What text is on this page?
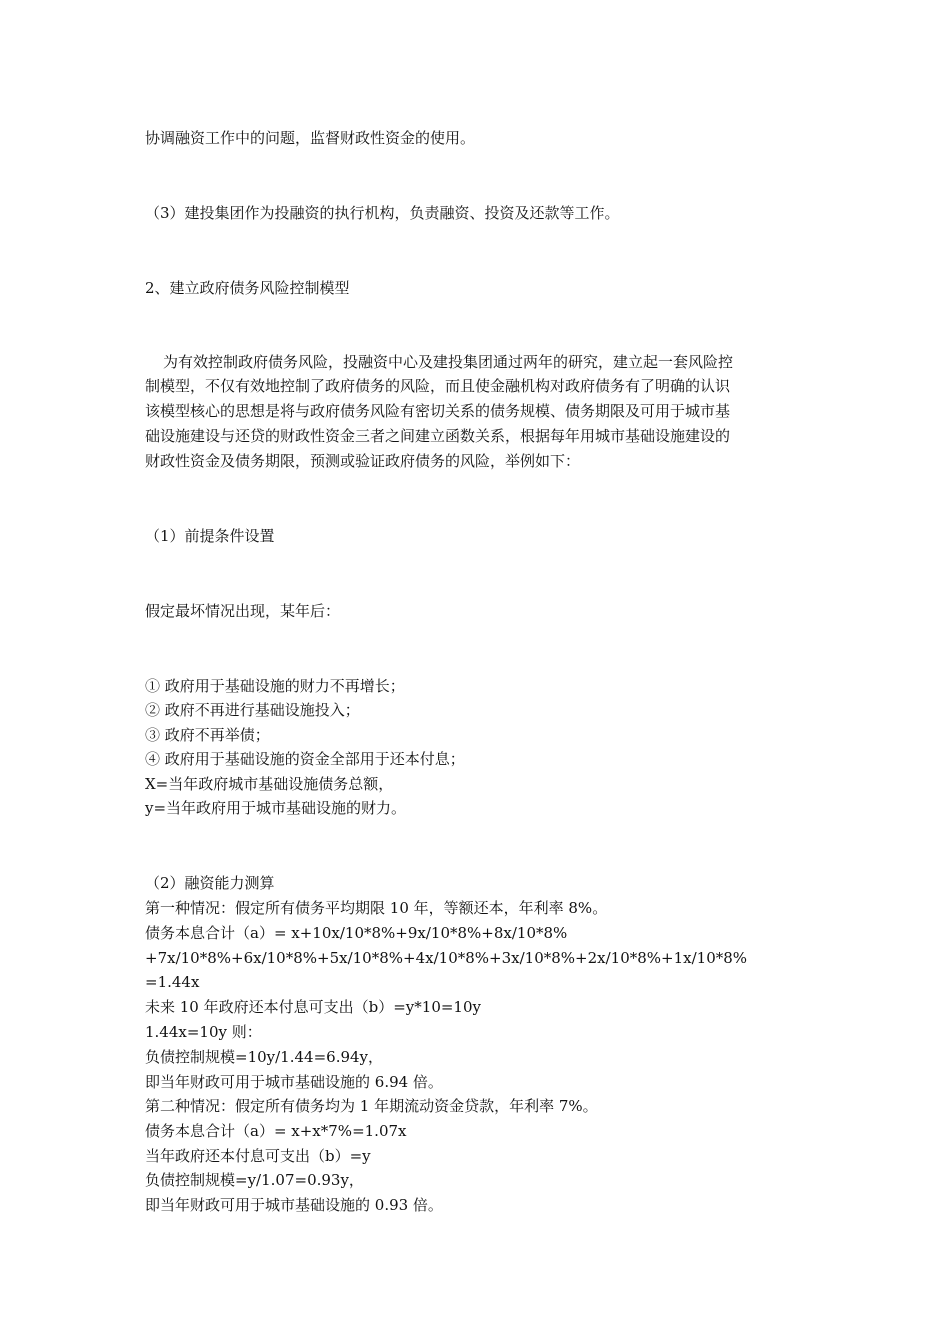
协调融资工作中的问题，监督财政性资金的使用。
（3）建投集团作为投融资的执行机构，负责融资、投资及还款等工作。
2、建立政府债务风险控制模型
为有效控制政府债务风险，投融资中心及建投集团通过两年的研究，建立起一套风险控
制模型，不仅有效地控制了政府债务的风险，而且使金融机构对政府债务有了明确的认识
该模型核心的思想是将与政府债务风险有密切关系的债务规模、债务期限及可用于城市基
础设施建设与还贷的财政性资金三者之间建立函数关系，根据每年用城市基础设施建设的
财政性资金及债务期限，预测或验证政府债务的风险，举例如下：
（1）前提条件设置
假定最坏情况出现，某年后：
① 政府用于基础设施的财力不再增长；
② 政府不再进行基础设施投入；
③ 政府不再举债；
④ 政府用于基础设施的资金全部用于还本付息；
X=当年政府城市基础设施债务总额，
y=当年政府用于城市基础设施的财力。
（2）融资能力测算
第一种情况：假定所有债务平均期限 10 年，等额还本，年利率 8%。
债务本息合计（a）= x+10x/10*8%+9x/10*8%+8x/10*8%
+7x/10*8%+6x/10*8%+5x/10*8%+4x/10*8%+3x/10*8%+2x/10*8%+1x/10*8%
=1.44x
未来 10 年政府还本付息可支出（b）=y*10=10y
1.44x=10y 则：
负债控制规模=10y/1.44=6.94y，
即当年财政可用于城市基础设施的 6.94 倍。
第二种情况：假定所有债务均为 1 年期流动资金贷款，年利率 7%。
债务本息合计（a）= x+x*7%=1.07x
当年政府还本付息可支出（b）=y
负债控制规模=y/1.07=0.93y，
即当年财政可用于城市基础设施的 0.93 倍。
